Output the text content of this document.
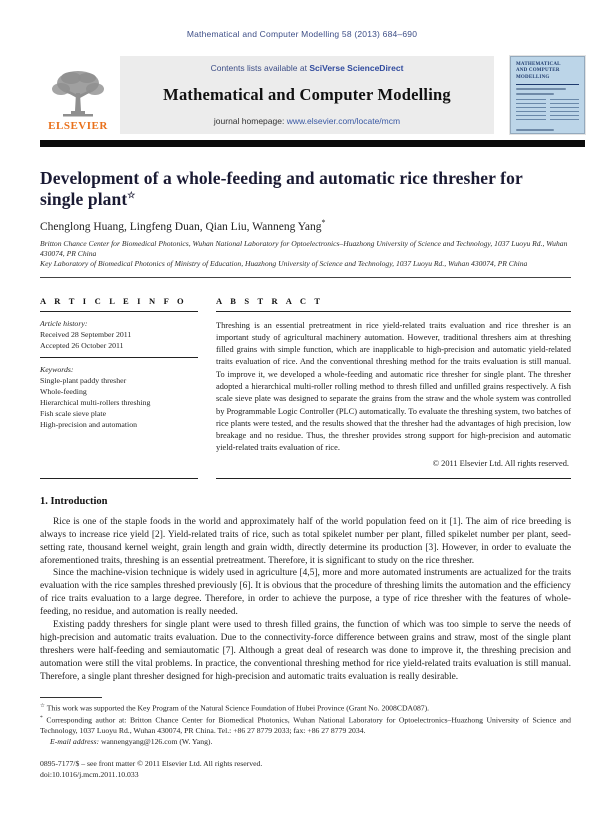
Mathematical and Computer Modelling 58 (2013) 684–690
ELSEVIER
Contents lists available at SciVerse ScienceDirect
Mathematical and Computer Modelling
journal homepage: www.elsevier.com/locate/mcm
MATHEMATICAL
AND COMPUTER
MODELLING
Development of a whole-feeding and automatic rice thresher for single plant☆
Chenglong Huang, Lingfeng Duan, Qian Liu, Wanneng Yang*
Britton Chance Center for Biomedical Photonics, Wuhan National Laboratory for Optoelectronics–Huazhong University of Science and Technology, 1037 Luoyu Rd., Wuhan 430074, PR China
Key Laboratory of Biomedical Photonics of Ministry of Education, Huazhong University of Science and Technology, 1037 Luoyu Rd., Wuhan 430074, PR China
A R T I C L E I N F O
Article history:
Received 28 September 2011
Accepted 26 October 2011
Keywords:
Single-plant paddy thresher
Whole-feeding
Hierarchical multi-rollers threshing
Fish scale sieve plate
High-precision and automation
A B S T R A C T
Threshing is an essential pretreatment in rice yield-related traits evaluation and rice thresher is an important study of agricultural machinery automation. However, traditional threshers aim at threshing filled grains with simple function, which are inapplicable to high-precision and automatic yield-related traits evaluation of rice. And the conventional threshing method for the traits evaluation is still manual. To improve it, we developed a whole-feeding and automatic rice thresher for single plant. The thresher adopted a hierarchical multi-roller rolling method to thresh filled and unfilled grains respectively. A fish scale sieve plate was designed to separate the grains from the straw and the whole system was controlled by Programmable Logic Controller (PLC) automatically. To evaluate the threshing system, two batches of rice plants were tested, and the results showed that the thresher had the advantages of high precision, low breakage and no residue. Thus, the thresher provides strong support for high-precision and automatic yield-related traits evaluation of rice.
© 2011 Elsevier Ltd. All rights reserved.
1. Introduction

Rice is one of the staple foods in the world and approximately half of the world population feed on it [1]. The aim of rice breeding is always to increase rice yield [2]. Yield-related traits of rice, such as total spikelet number per plant, filled spikelet number per plant, seed-setting rate, thousand kernel weight, grain length and grain width, directly determine its production [3]. However, in order to evaluate the aforementioned traits, threshing is an essential pretreatment. Therefore, it is significant to study on the rice thresher.

Since the machine-vision technique is widely used in agriculture [4,5], more and more automated instruments are actualized for the traits evaluation with the rice samples threshed previously [6]. It is obvious that the procedure of threshing limits the automation and the efficiency of rice traits evaluation to a large degree. Therefore, in order to achieve the purpose, a type of rice thresher with the features of whole-feeding, no residue, and automation is really needed.

Existing paddy threshers for single plant were used to thresh filled grains, the function of which was too simple to serve the needs of high-precision and automatic traits evaluation. Due to the connectivity-force difference between grains and straw, most of the single plant threshers were half-feeding and semiautomatic [7]. Although a great deal of research was done to improve it, the threshing precision and automation were still the vital problems. In practice, the conventional threshing method for rice yield-related traits evaluation is still manual. Therefore, a single plant thresher designed for high-precision and automatic traits evaluation is really desirable.

☆ This work was supported the Key Program of the Natural Science Foundation of Hubei Province (Grant No. 2008CDA087).
* Corresponding author at: Britton Chance Center for Biomedical Photonics, Wuhan National Laboratory for Optoelectronics–Huazhong University of Science and Technology, 1037 Luoyu Rd., Wuhan 430074, PR China. Tel.: +86 27 8779 2033; fax: +86 27 8779 2034.
E-mail address: wannengyang@126.com (W. Yang).
0895-7177/$ – see front matter © 2011 Elsevier Ltd. All rights reserved.
doi:10.1016/j.mcm.2011.10.033
